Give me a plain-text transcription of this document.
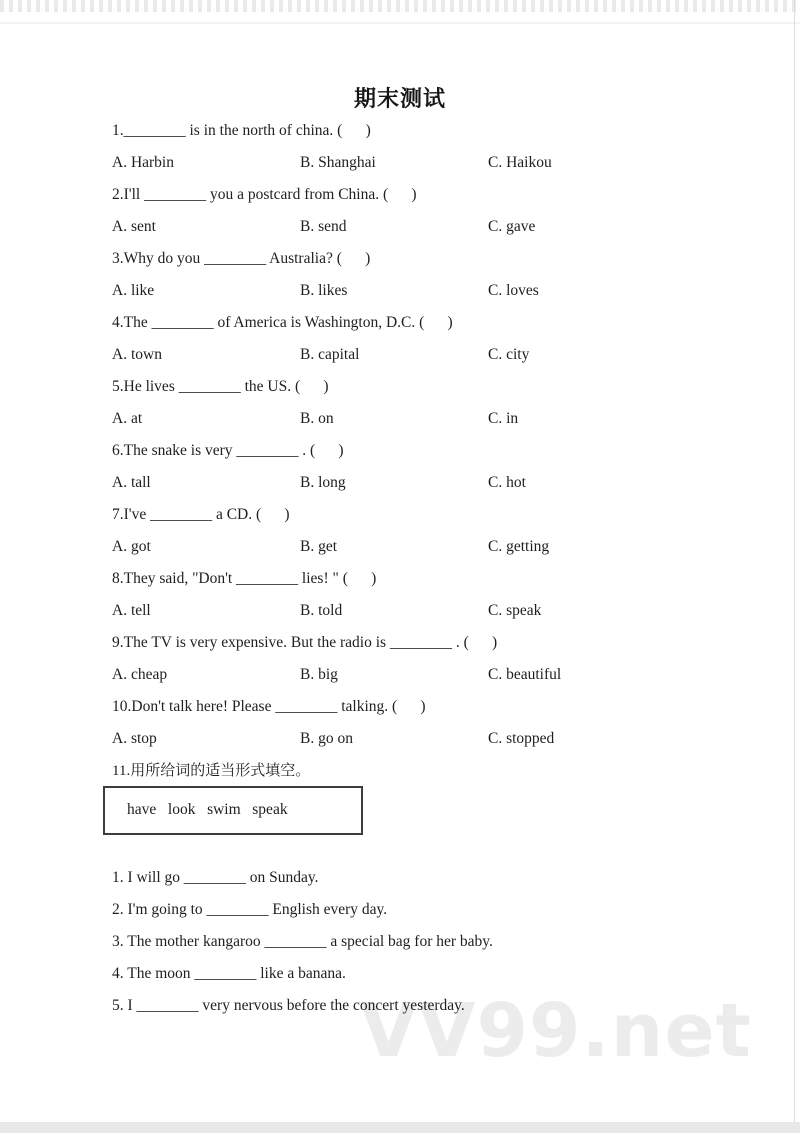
VV99.net
期末测试
1.________ is in the north of china. (      )
A. Harbin	B. Shanghai	C. Haikou
2.I'll ________ you a postcard from China. (      )
A. sent	B. send	C. gave
3.Why do you ________ Australia? (      )
A. like	B. likes	C. loves
4.The ________ of America is Washington, D.C. (      )
A. town	B. capital	C. city
5.He lives ________ the US. (      )
A. at	B. on	C. in
6.The snake is very ________ . (      )
A. tall	B. long	C. hot
7.I've ________ a CD. (      )
A. got	B. get	C. getting
8.They said, "Don't ________ lies! " (      )
A. tell	B. told	C. speak
9.The TV is very expensive. But the radio is ________ . (      )
A. cheap	B. big	C. beautiful
10.Don't talk here! Please ________ talking. (      )
A. stop	B. go on	C. stopped
11.用所给词的适当形式填空。
have   look   swim   speak
1. I will go ________ on Sunday.
2. I'm going to ________ English every day.
3. The mother kangaroo ________ a special bag for her baby.
4. The moon ________ like a banana.
5. I ________ very nervous before the concert yesterday.
